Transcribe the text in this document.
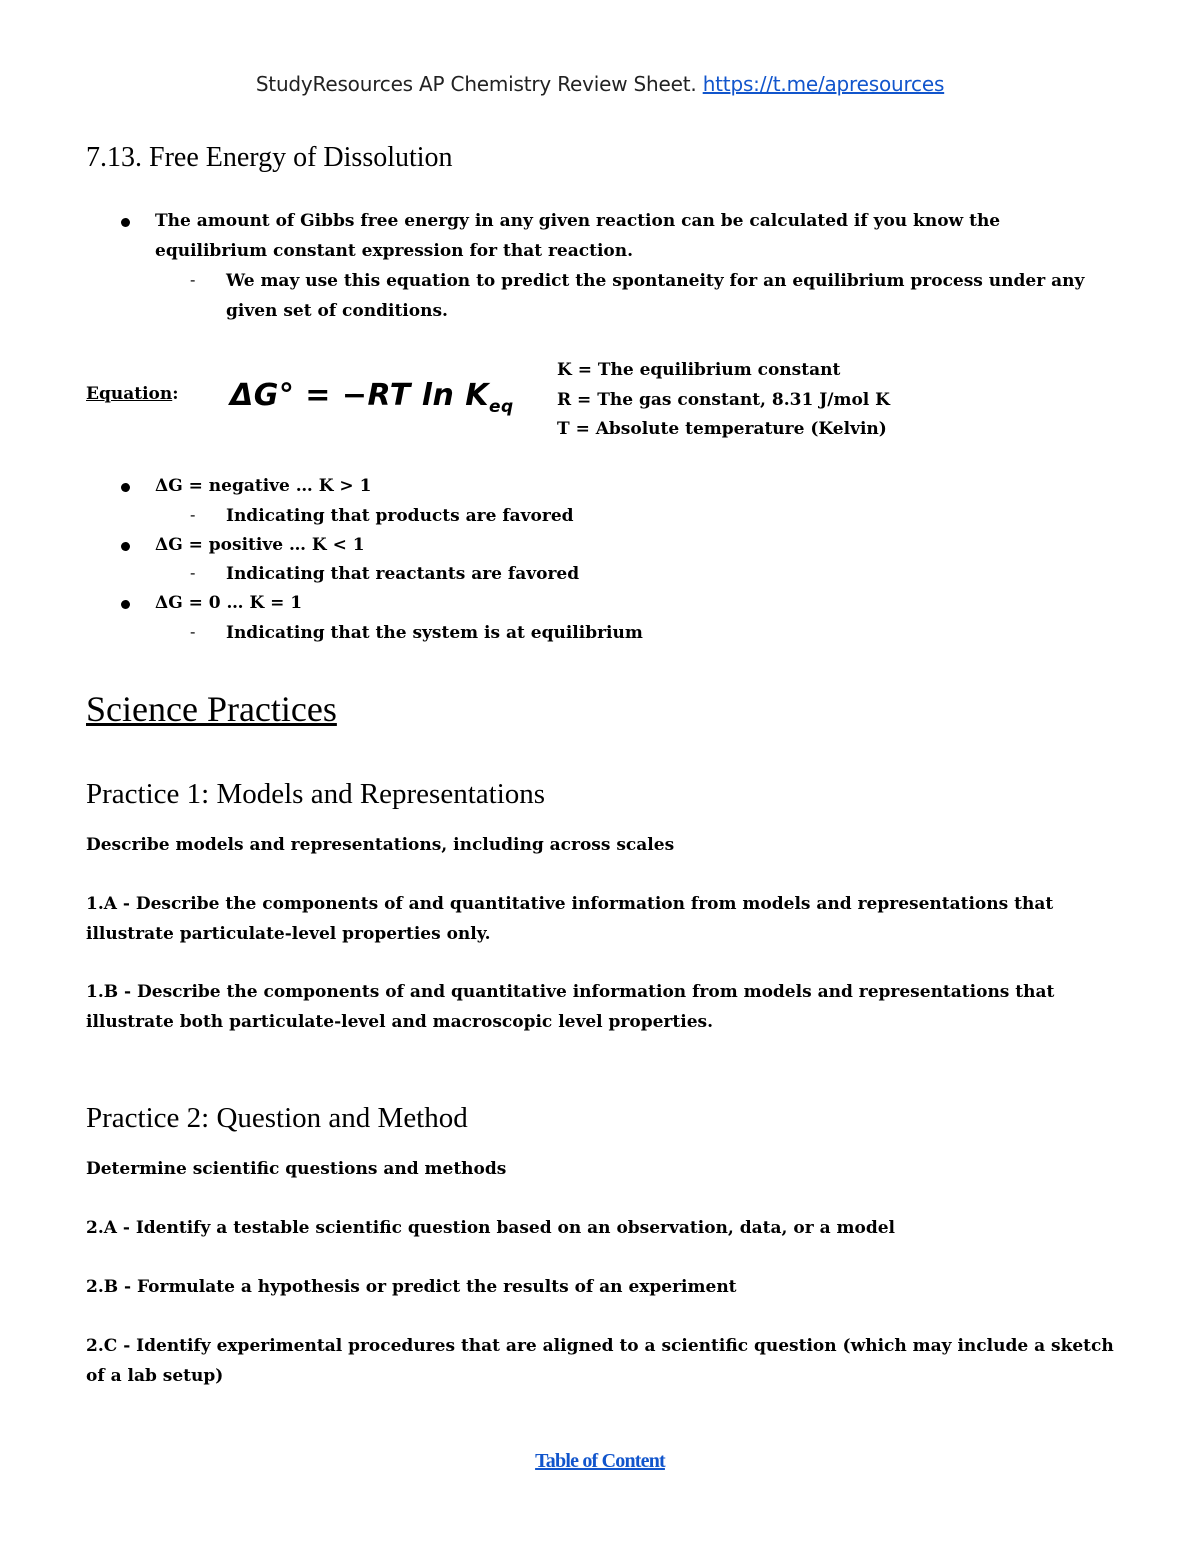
StudyResources AP Chemistry Review Sheet. https://t.me/apresources
7.13. Free Energy of Dissolution
The amount of Gibbs free energy in any given reaction can be calculated if you know the equilibrium constant expression for that reaction.
- We may use this equation to predict the spontaneity for an equilibrium process under any given set of conditions.
Equation: ΔG° = −RT $\ln K_{eq}$
K = The equilibrium constant
R = The gas constant, 8.31 J/mol K
T = Absolute temperature (Kelvin)
ΔG = negative … K > 1
- Indicating that products are favored
ΔG = positive … K < 1
- Indicating that reactants are favored
ΔG = 0 … K = 1
- Indicating that the system is at equilibrium
Science Practices
Practice 1: Models and Representations
Describe models and representations, including across scales
1.A - Describe the components of and quantitative information from models and representations that illustrate particulate-level properties only.
1.B - Describe the components of and quantitative information from models and representations that illustrate both particulate-level and macroscopic level properties.
Practice 2: Question and Method
Determine scientific questions and methods
2.A - Identify a testable scientific question based on an observation, data, or a model
2.B - Formulate a hypothesis or predict the results of an experiment
2.C - Identify experimental procedures that are aligned to a scientific question (which may include a sketch of a lab setup)
Table of Content
